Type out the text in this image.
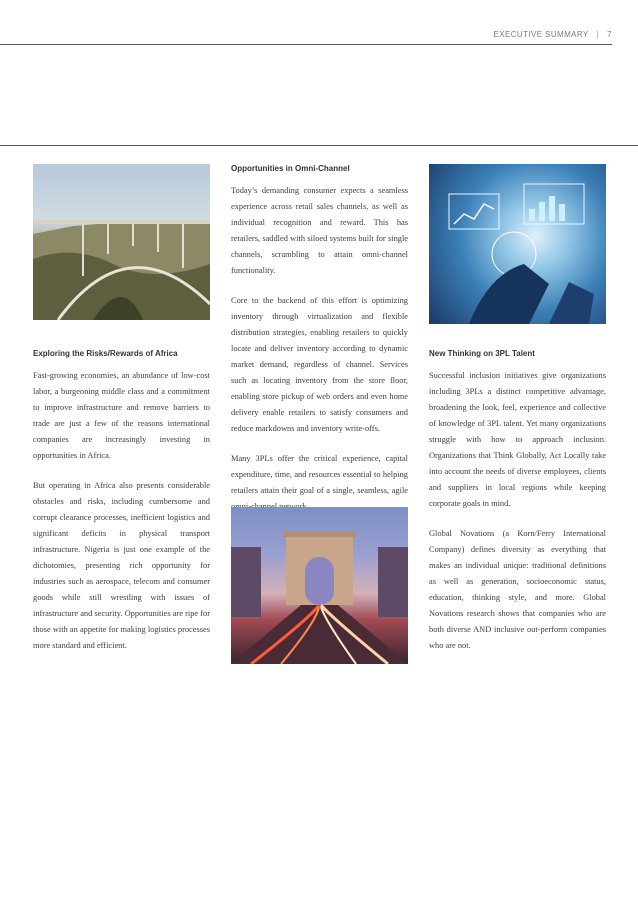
EXECUTIVE SUMMARY | 7

Exploring the Risks/Rewards of Africa

Fast-growing economies, an abundance of low-cost labor, a burgeoning middle class and a commitment to improve infrastructure and remove barriers to trade are just a few of the reasons international companies are increasingly investing in opportunities in Africa.

But operating in Africa also presents considerable obstacles and risks, including cumbersome and corrupt clearance processes, inefficient logistics and significant deficits in physical transport infrastructure. Nigeria is just one example of the dichotomies, presenting rich opportunity for industries such as aerospace, telecom and consumer goods while still wrestling with issues of infrastructure and security. Opportunities are ripe for those with an appetite for making logistics processes more standard and efficient.

Opportunities in Omni-Channel

Today’s demanding consumer expects a seamless experience across retail sales channels, as well as individual recognition and reward. This has retailers, saddled with siloed systems built for single channels, scrambling to attain omni-channel functionality.

Core to the backend of this effort is optimizing inventory through virtualization and flexible distribution strategies, enabling retailers to quickly locate and deliver inventory according to dynamic market demand, regardless of channel. Services such as locating inventory from the store floor, enabling store pickup of web orders and even home delivery enable retailers to satisfy consumers and reduce markdowns and inventory write-offs.

Many 3PLs offer the critical experience, capital expenditure, time, and resources essential to helping retailers attain their goal of a single, seamless, agile

New Thinking on 3PL Talent

Successful inclusion initiatives give organizations including 3PLs a distinct competitive advantage, broadening the look, feel, experience and collective of knowledge of 3PL talent. Yet many organizations struggle with how to approach inclusion. Organizations that Think Globally, Act Locally take into account the needs of diverse employees, clients and suppliers in local regions while keeping corporate goals in mind.

Global Novations (a Korn/Ferry International Company) defines diversity as everything that makes an individual unique: traditional definitions as well as generation, socioeconomic status, education, thinking style, and more. Global Novations research shows that companies who are both diverse AND inclusive out-perform companies who are not.
